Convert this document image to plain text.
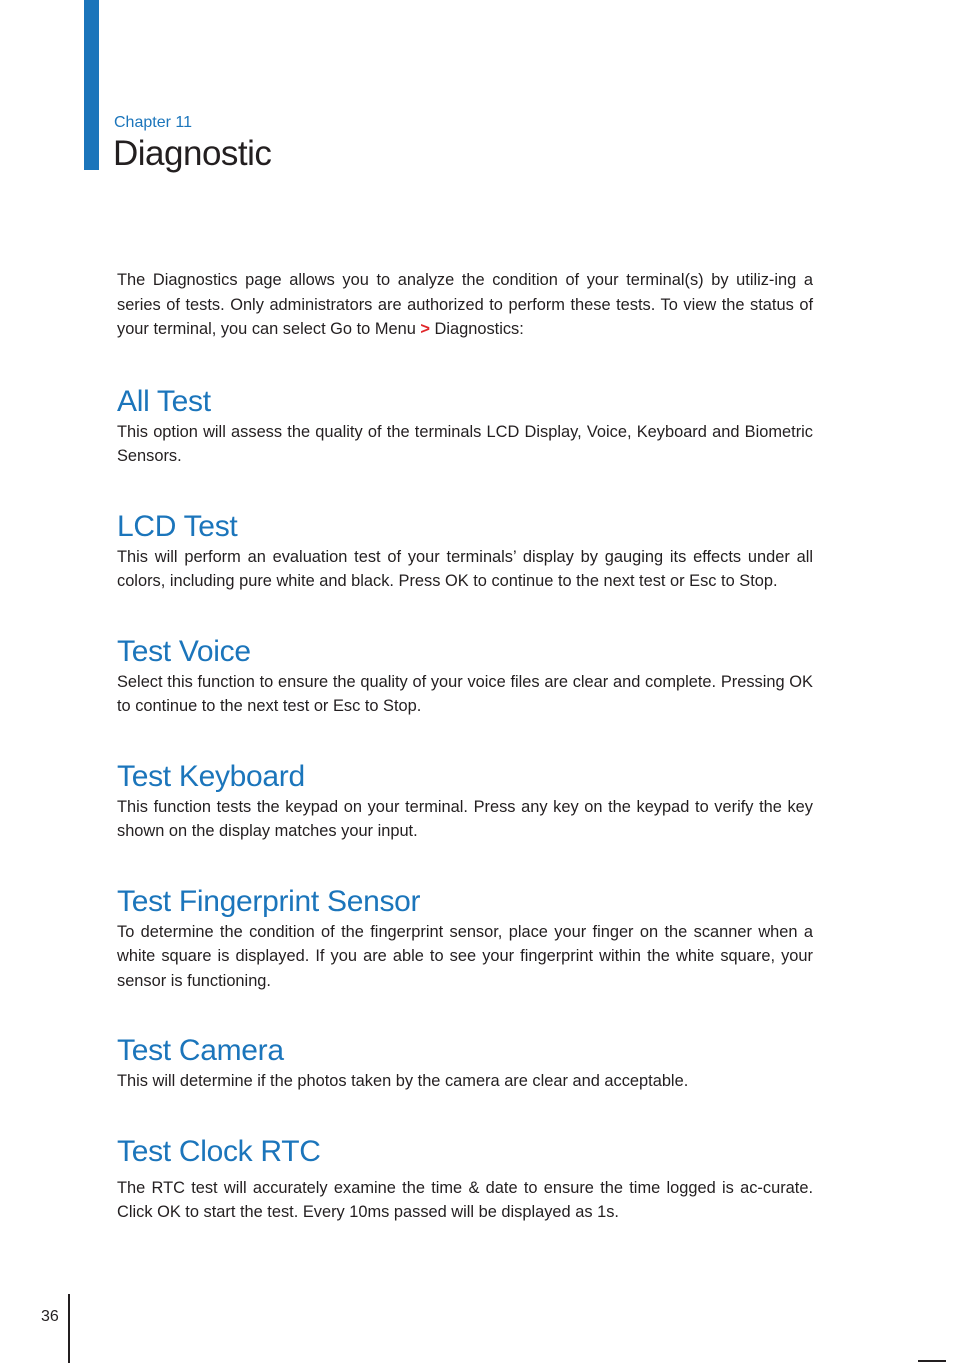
Chapter 11
Diagnostic

The Diagnostics page allows you to analyze the condition of your terminal(s) by utiliz-ing a series of tests. Only administrators are authorized to perform these tests. To view the status of your terminal, you can select Go to Menu > Diagnostics:

All Test

This option will assess the quality of the terminals LCD Display, Voice, Keyboard and Biometric Sensors.

LCD Test

This will perform an evaluation test of your terminals’ display by gauging its effects under all colors, including pure white and black. Press OK to continue to the next test or Esc to Stop.

Test Voice

Select this function to ensure the quality of your voice files are clear and complete. Pressing OK to continue to the next test or Esc to Stop.

Test Keyboard

This function tests the keypad on your terminal. Press any key on the keypad to verify the key shown on the display matches your input.

Test Fingerprint Sensor

To determine the condition of the fingerprint sensor, place your finger on the scanner when a white square is displayed. If you are able to see your fingerprint within the white square, your sensor is functioning.

Test Camera

This will determine if the photos taken by the camera are clear and acceptable.

Test Clock RTC

The RTC test will accurately examine the time & date to ensure the time logged is ac-curate. Click OK to start the test. Every 10ms passed will be displayed as 1s.

36
